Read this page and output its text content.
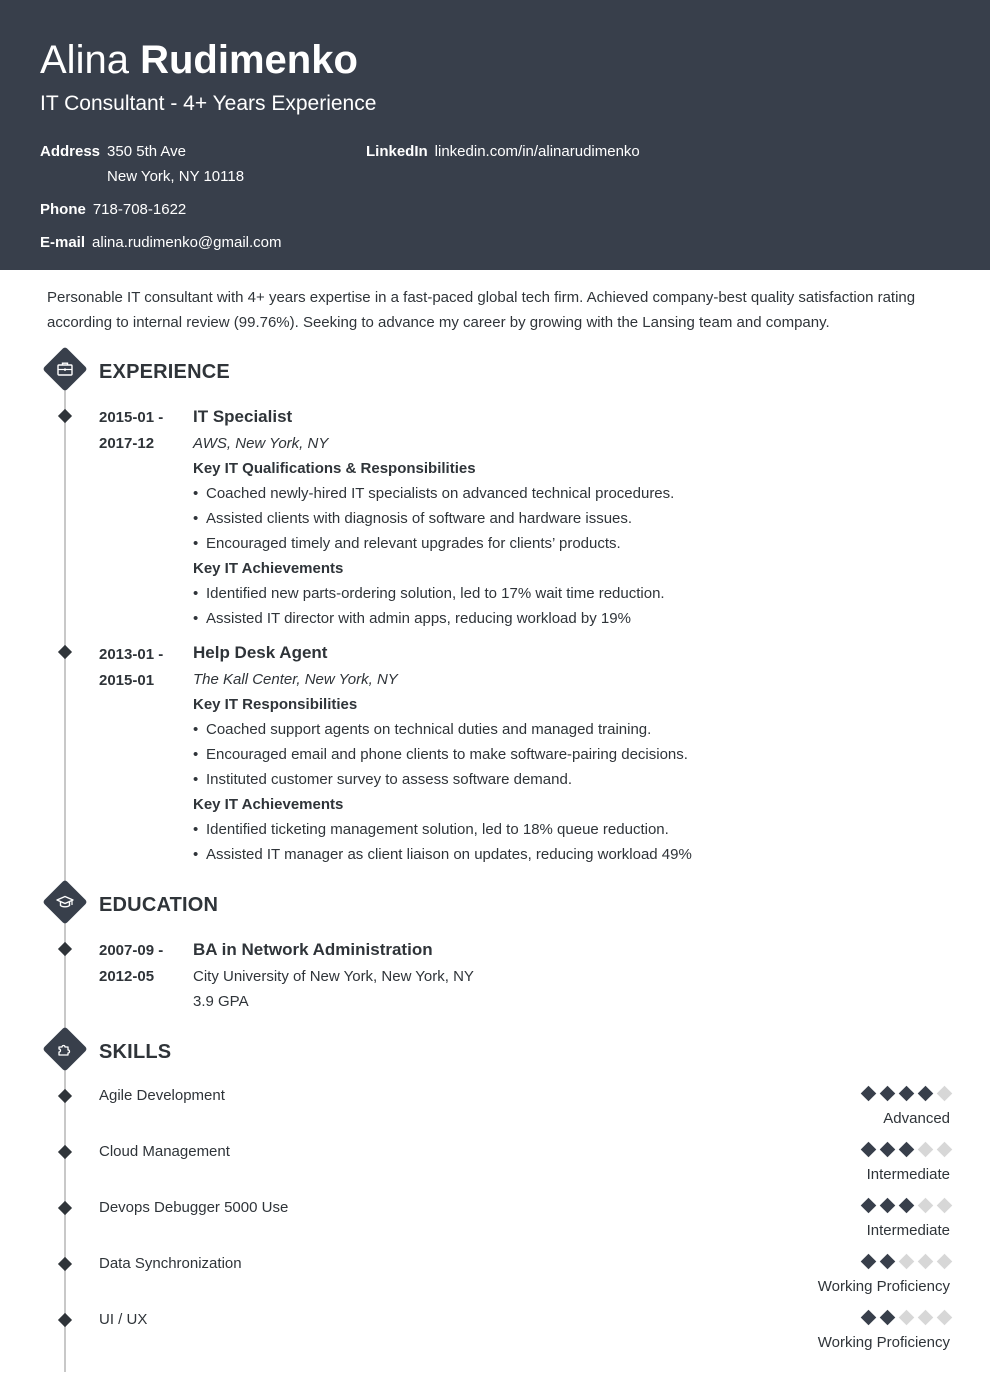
Alina Rudimenko
IT Consultant - 4+ Years Experience
Address 350 5th Ave
New York, NY 10118
LinkedIn linkedin.com/in/alinarudimenko
Phone 718-708-1622
E-mail alina.rudimenko@gmail.com
Personable IT consultant with 4+ years expertise in a fast-paced global tech firm. Achieved company-best quality satisfaction rating according to internal review (99.76%). Seeking to advance my career by growing with the Lansing team and company.
EXPERIENCE
2015-01 -
2017-12
IT Specialist
AWS, New York, NY
Key IT Qualifications & Responsibilities
• Coached newly-hired IT specialists on advanced technical procedures.
• Assisted clients with diagnosis of software and hardware issues.
• Encouraged timely and relevant upgrades for clients’ products.
Key IT Achievements
• Identified new parts-ordering solution, led to 17% wait time reduction.
• Assisted IT director with admin apps, reducing workload by 19%
2013-01 -
2015-01
Help Desk Agent
The Kall Center, New York, NY
Key IT Responsibilities
• Coached support agents on technical duties and managed training.
• Encouraged email and phone clients to make software-pairing decisions.
• Instituted customer survey to assess software demand.
Key IT Achievements
• Identified ticketing management solution, led to 18% queue reduction.
• Assisted IT manager as client liaison on updates, reducing workload 49%
EDUCATION
2007-09 -
2012-05
BA in Network Administration
City University of New York, New York, NY
3.9 GPA
SKILLS
Agile Development
Advanced
Cloud Management
Intermediate
Devops Debugger 5000 Use
Intermediate
Data Synchronization
Working Proficiency
UI / UX
Working Proficiency
